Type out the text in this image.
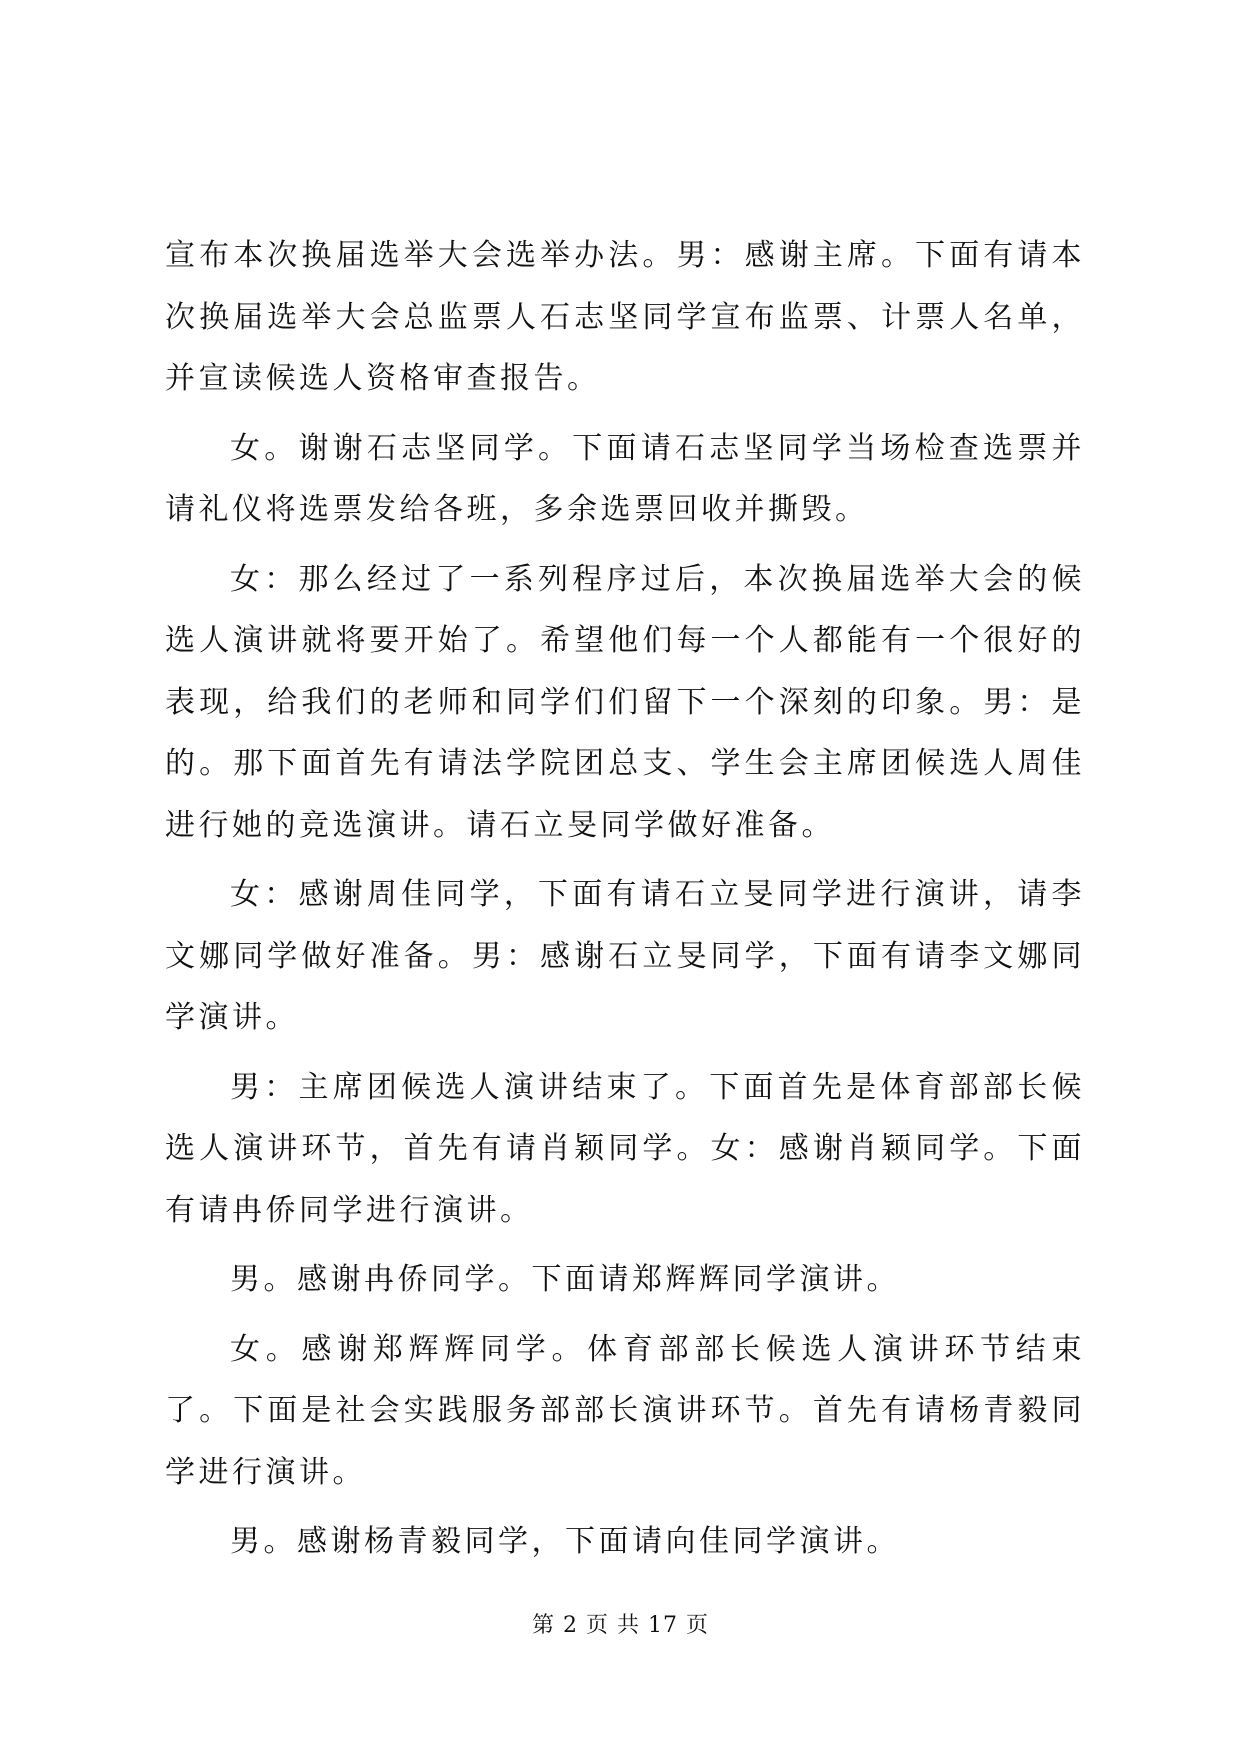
宣布本次换届选举大会选举办法。男：感谢主席。下面有请本次换届选举大会总监票人石志坚同学宣布监票、计票人名单，并宣读候选人资格审查报告。

女。谢谢石志坚同学。下面请石志坚同学当场检查选票并请礼仪将选票发给各班，多余选票回收并撕毁。

女：那么经过了一系列程序过后，本次换届选举大会的候选人演讲就将要开始了。希望他们每一个人都能有一个很好的表现，给我们的老师和同学们们留下一个深刻的印象。男：是的。那下面首先有请法学院团总支、学生会主席团候选人周佳进行她的竞选演讲。请石立旻同学做好准备。

女：感谢周佳同学，下面有请石立旻同学进行演讲，请李文娜同学做好准备。男：感谢石立旻同学，下面有请李文娜同学演讲。

男：主席团候选人演讲结束了。下面首先是体育部部长候选人演讲环节，首先有请肖颖同学。女：感谢肖颖同学。下面有请冉侨同学进行演讲。

男。感谢冉侨同学。下面请郑辉辉同学演讲。

女。感谢郑辉辉同学。体育部部长候选人演讲环节结束了。下面是社会实践服务部部长演讲环节。首先有请杨青毅同学进行演讲。

男。感谢杨青毅同学，下面请向佳同学演讲。

第 2 页 共 17 页
